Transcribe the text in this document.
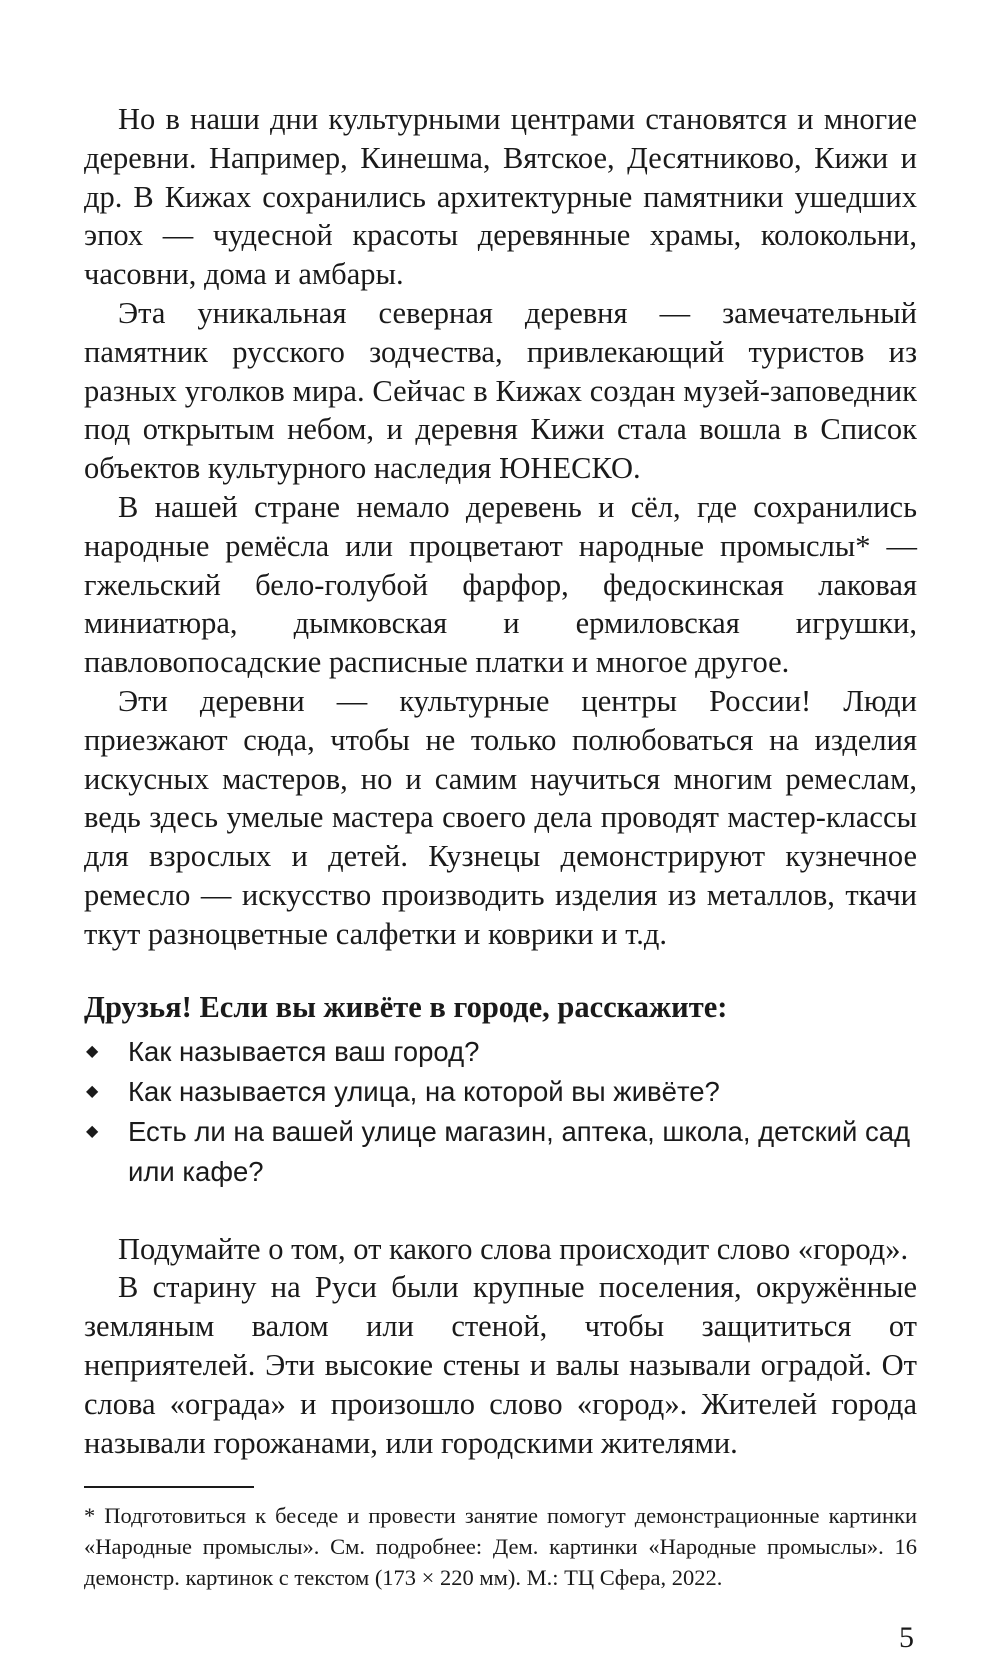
Но в наши дни культурными центрами становятся и многие деревни. Например, Кинешма, Вятское, Десятниково, Кижи и др. В Кижах сохранились архитектурные памятники ушедших эпох — чудесной красоты деревянные храмы, колокольни, часовни, дома и амбары.

Эта уникальная северная деревня — замечательный памятник русского зодчества, привлекающий туристов из разных уголков мира. Сейчас в Кижах создан музей-заповедник под открытым небом, и деревня Кижи стала вошла в Список объектов культурного наследия ЮНЕСКО.

В нашей стране немало деревень и сёл, где сохранились народные ремёсла или процветают народные промыслы* — гжельский бело-голубой фарфор, федоскинская лаковая миниатюра, дымковская и ермиловская игрушки, павловопосадские расписные платки и многое другое.

Эти деревни — культурные центры России! Люди приезжают сюда, чтобы не только полюбоваться на изделия искусных мастеров, но и самим научиться многим ремеслам, ведь здесь умелые мастера своего дела проводят мастер-классы для взрослых и детей. Кузнецы демонстрируют кузнечное ремесло — искусство производить изделия из металлов, ткачи ткут разноцветные салфетки и коврики и т.д.

Друзья! Если вы живёте в городе, расскажите:
◆ Как называется ваш город?
◆ Как называется улица, на которой вы живёте?
◆ Есть ли на вашей улице магазин, аптека, школа, детский сад или кафе?

Подумайте о том, от какого слова происходит слово «город».

В старину на Руси были крупные поселения, окружённые земляным валом или стеной, чтобы защититься от неприятелей. Эти высокие стены и валы называли оградой. От слова «ограда» и произошло слово «город». Жителей города называли горожанами, или городскими жителями.

* Подготовиться к беседе и провести занятие помогут демонстрационные картинки «Народные промыслы». См. подробнее: Дем. картинки «Народные промыслы». 16 демонстр. картинок с текстом (173 × 220 мм). М.: ТЦ Сфера, 2022.

5
